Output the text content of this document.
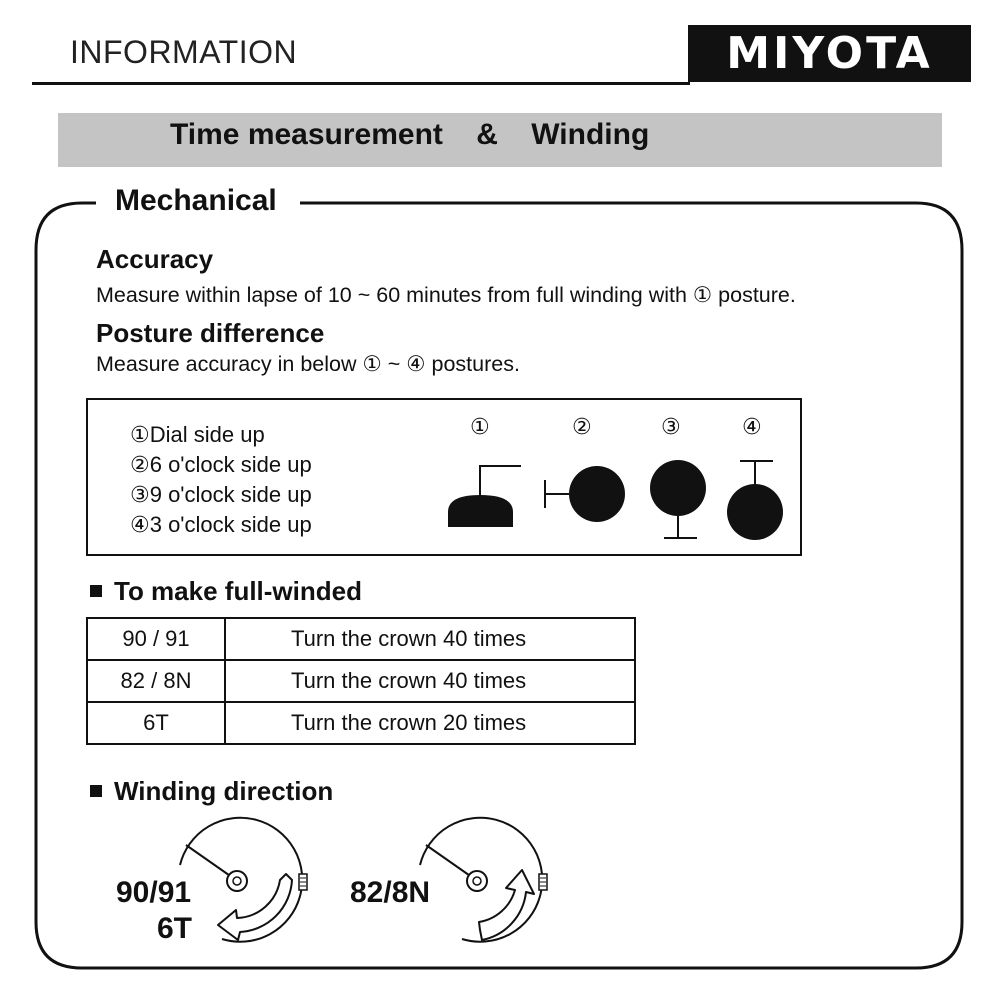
INFORMATION	MIYOTA
Time measurement    &    Winding
Mechanical
Accuracy
Measure within lapse of 10 ~ 60 minutes from full winding with ① posture.
Posture difference
Measure accuracy in below ① ~ ④ postures.
①Dial side up
②6 o'clock side up
③9 o'clock side up
④3 o'clock side up
①	②	③	④
To make full-winded
90 / 91	Turn the crown 40 times
82 / 8N	Turn the crown 40 times
6T	Turn the crown 20 times
Winding direction
90/91
6T
82/8N
